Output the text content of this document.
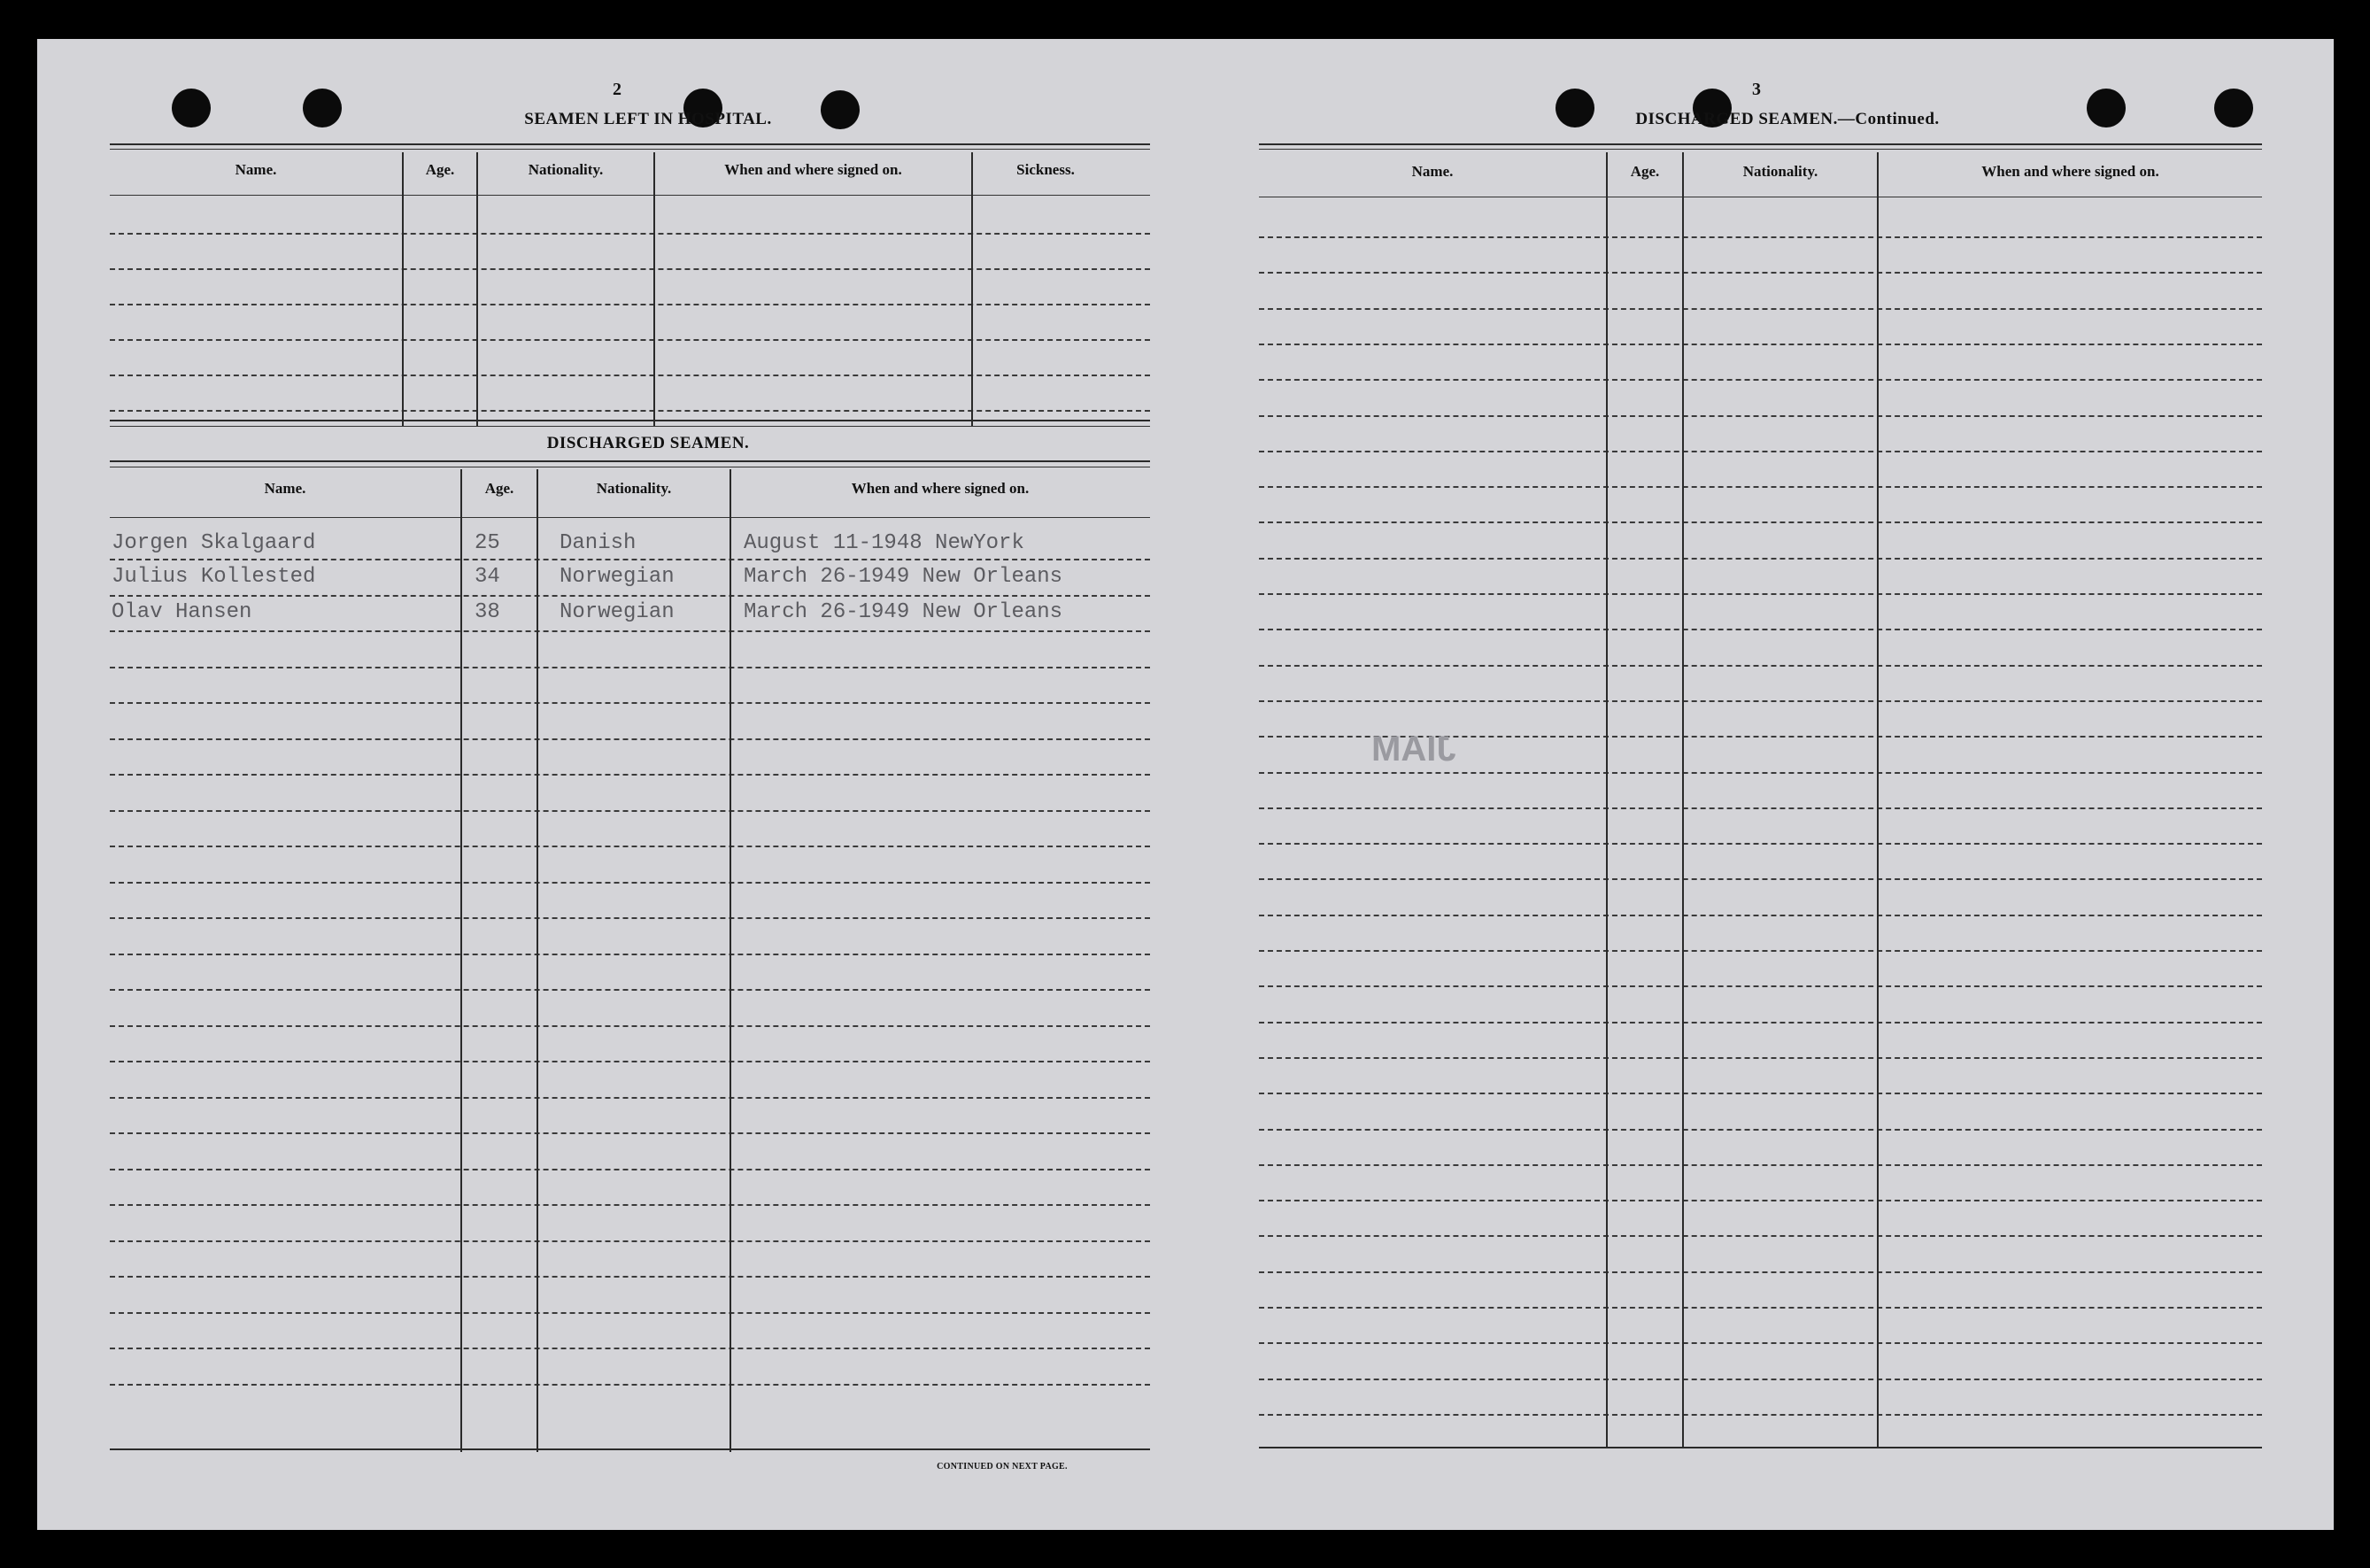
2
SEAMEN LEFT IN HOSPITAL.
Name.	Age.	Nationality.	When and where signed on.	Sickness.
DISCHARGED SEAMEN.
Name.	Age.	Nationality.	When and where signed on.
Jorgen Skalgaard	25	Danish	August 11-1948 NewYork
Julius Kollested	34	Norwegian	March 26-1949 New Orleans
Olav Hansen	38	Norwegian	March 26-1949 New Orleans
CONTINUED ON NEXT PAGE.
3
DISCHARGED SEAMEN.—Continued.
Name.	Age.	Nationality.	When and where signed on.
JIAM
